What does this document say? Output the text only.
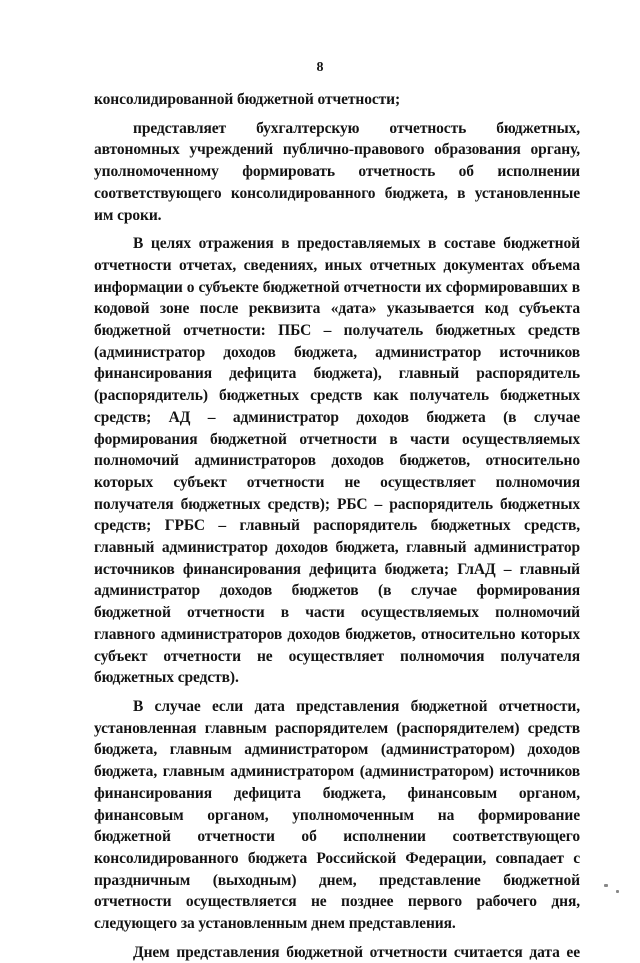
8

консолидированной бюджетной отчетности;

представляет бухгалтерскую отчетность бюджетных, автономных учреждений публично-правового образования органу, уполномоченному формировать отчетность об исполнении соответствующего консолидированного бюджета, в установленные им сроки.

В целях отражения в предоставляемых в составе бюджетной отчетности отчетах, сведениях, иных отчетных документах объема информации о субъекте бюджетной отчетности их сформировавших в кодовой зоне после реквизита «дата» указывается код субъекта бюджетной отчетности: ПБС – получатель бюджетных средств (администратор доходов бюджета, администратор источников финансирования дефицита бюджета), главный распорядитель (распорядитель) бюджетных средств как получатель бюджетных средств; АД – администратор доходов бюджета (в случае формирования бюджетной отчетности в части осуществляемых полномочий администраторов доходов бюджетов, относительно которых субъект отчетности не осуществляет полномочия получателя бюджетных средств); РБС – распорядитель бюджетных средств; ГРБС – главный распорядитель бюджетных средств, главный администратор доходов бюджета, главный администратор источников финансирования дефицита бюджета; ГлАД – главный администратор доходов бюджетов (в случае формирования бюджетной отчетности в части осуществляемых полномочий главного администраторов доходов бюджетов, относительно которых субъект отчетности не осуществляет полномочия получателя бюджетных средств).

В случае если дата представления бюджетной отчетности, установленная главным распорядителем (распорядителем) средств бюджета, главным администратором (администратором) доходов бюджета, главным администратором (администратором) источников финансирования дефицита бюджета, финансовым органом, финансовым органом, уполномоченным на формирование бюджетной отчетности об исполнении соответствующего консолидированного бюджета Российской Федерации, совпадает с праздничным (выходным) днем, представление бюджетной отчетности осуществляется не позднее первого рабочего дня, следующего за установленным днем представления.

Днем представления бюджетной отчетности считается дата ее
